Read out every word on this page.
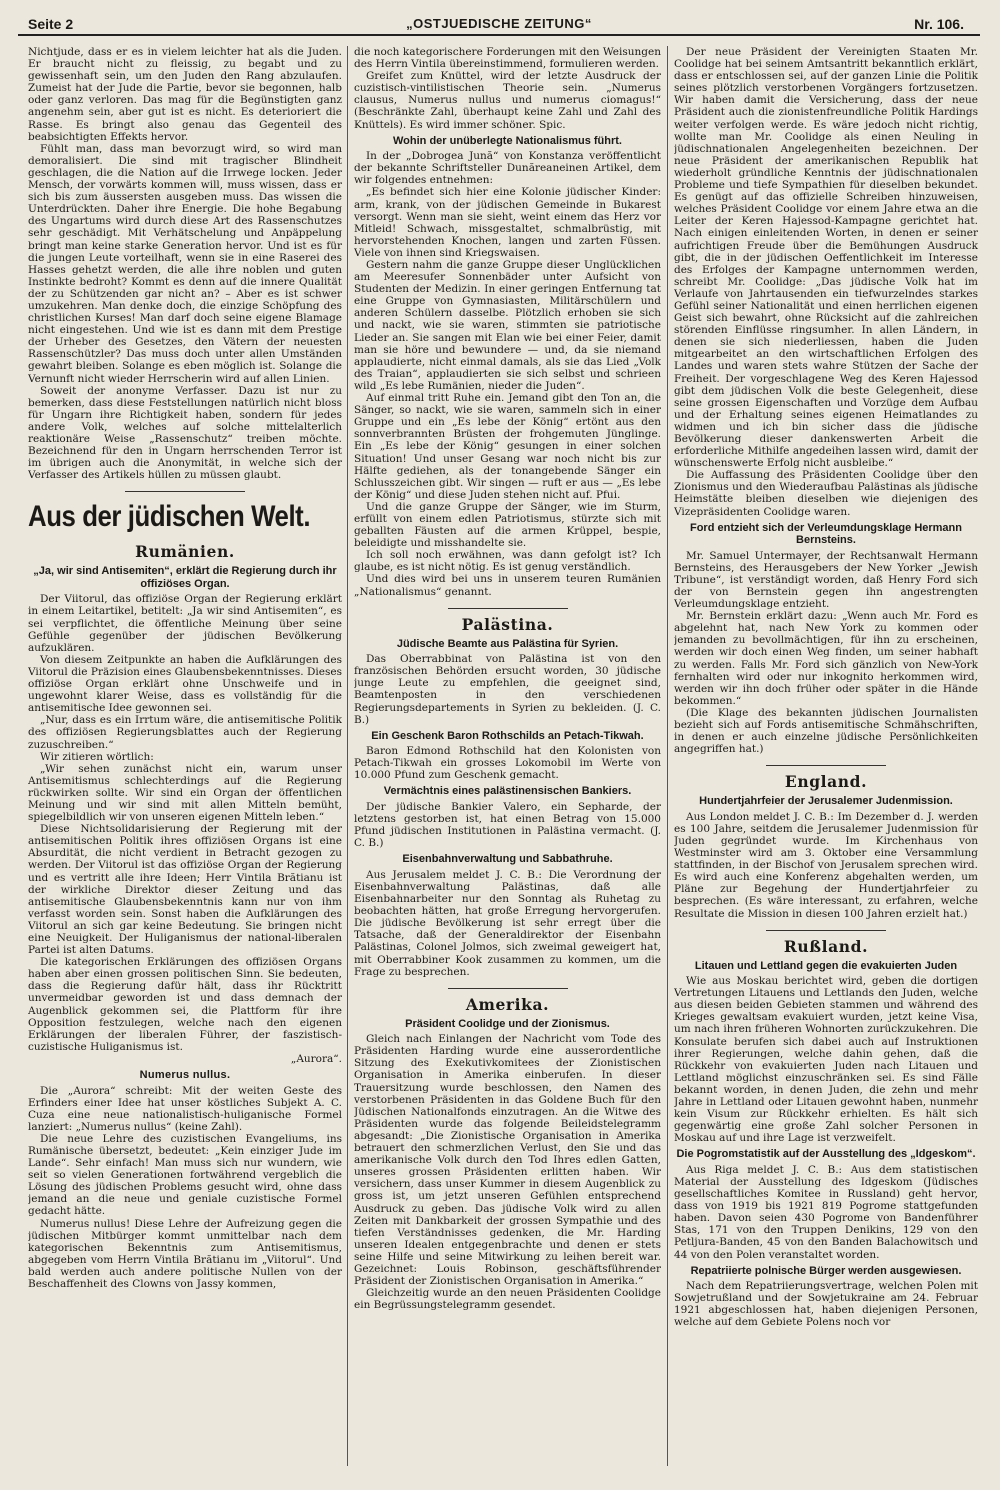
Seite 2	„OSTJUEDISCHE ZEITUNG“	Nr. 106.

Nichtjude, dass er es in vielem leichter hat als die Juden. Er braucht nicht zu fleissig, zu begabt und zu gewissenhaft sein, um den Juden den Rang abzulaufen. Zumeist hat der Jude die Partie, bevor sie begonnen, halb oder ganz verloren. Das mag für die Begünstigten ganz angenehm sein, aber gut ist es nicht. Es deterioriert die Rasse. Es bringt also genau das Gegenteil des beabsichtigten Effekts hervor.

Fühlt man, dass man bevorzugt wird, so wird man demoralisiert. Die sind mit tragischer Blindheit geschlagen, die die Nation auf die Irrwege locken. Jeder Mensch, der vorwärts kommen will, muss wissen, dass er sich bis zum äussersten ausgeben muss. Das wissen die Unterdrückten. Daher ihre Energie. Die hohe Begabung des Ungartums wird durch diese Art des Rassenschutzes sehr geschädigt. Mit Verhätschelung und Anpäppelung bringt man keine starke Generation hervor. Und ist es für die jungen Leute vorteilhaft, wenn sie in eine Raserei des Hasses gehetzt werden, die alle ihre noblen und guten Instinkte bedroht? Kommt es denn auf die innere Qualität der zu Schützenden gar nicht an? – Aber es ist schwer umzukehren. Man denke doch, die einzige Schöpfung des christlichen Kurses! Man darf doch seine eigene Blamage nicht eingestehen. Und wie ist es dann mit dem Prestige der Urheber des Gesetzes, den Vätern der neuesten Rassenschützler? Das muss doch unter allen Umständen gewahrt bleiben. Solange es eben möglich ist. Solange die Vernunft nicht wieder Herrscherin wird auf allen Linien.

Soweit der anonyme Verfasser. Dazu ist nur zu bemerken, dass diese Feststellungen natürlich nicht bloss für Ungarn ihre Richtigkeit haben, sondern für jedes andere Volk, welches auf solche mittelalterlich reaktionäre Weise „Rassenschutz“ treiben möchte. Bezeichnend für den in Ungarn herrschenden Terror ist im übrigen auch die Anonymität, in welche sich der Verfasser des Artikels hüllen zu müssen glaubt.

Aus der jüdischen Welt.
Rumänien.
„Ja, wir sind Antisemiten“, erklärt die Regierung durch ihr offiziöses Organ.

Der Viitorul, das offiziöse Organ der Regierung erklärt in einem Leitartikel, betitelt: „Ja wir sind Antisemiten“, es sei verpflichtet, die öffentliche Meinung über seine Gefühle gegenüber der jüdischen Bevölkerung aufzuklären.

Von diesem Zeitpunkte an haben die Aufklärungen des Viitorul die Präzision eines Glaubensbekenntnisses. Dieses offiziöse Organ erklärt ohne Unschweife und in ungewohnt klarer Weise, dass es vollständig für die antisemitische Idee gewonnen sei.

„Nur, dass es ein Irrtum wäre, die antisemitische Politik des offiziösen Regierungsblattes auch der Regierung zuzuschreiben.“

Wir zitieren wörtlich:

„Wir sehen zunächst nicht ein, warum unser Antisemitismus schlechterdings auf die Regierung rückwirken sollte. Wir sind ein Organ der öffentlichen Meinung und wir sind mit allen Mitteln bemüht, spiegelbildlich wir von unseren eigenen Mitteln leben.“

Diese Nichtsolidarisierung der Regierung mit der antisemitischen Politik ihres offiziösen Organs ist eine Absurdität, die nicht verdient in Betracht gezogen zu werden. Der Viitorul ist das offiziöse Organ der Regierung und es vertritt alle ihre Ideen; Herr Vintila Brătianu ist der wirkliche Direktor dieser Zeitung und das antisemitische Glaubensbekenntnis kann nur von ihm verfasst worden sein. Sonst haben die Aufklärungen des Viitorul an sich gar keine Bedeutung. Sie bringen nicht eine Neuigkeit. Der Huliganismus der national-liberalen Partei ist alten Datums.

Die kategorischen Erklärungen des offiziösen Organs haben aber einen grossen politischen Sinn. Sie bedeuten, dass die Regierung dafür hält, dass ihr Rücktritt unvermeidbar geworden ist und dass demnach der Augenblick gekommen sei, die Plattform für ihre Opposition festzulegen, welche nach den eigenen Erklärungen der liberalen Führer, der faszistisch-cuzistische Huliganismus ist.

„Aurora“.

Numerus nullus.

Die „Aurora“ schreibt: Mit der weiten Geste des Erfinders einer Idee hat unser köstliches Subjekt A. C. Cuza eine neue nationalistisch-huliganische Formel lanziert: „Numerus nullus“ (keine Zahl).

Die neue Lehre des cuzistischen Evangeliums, ins Rumänische übersetzt, bedeutet: „Kein einziger Jude im Lande“. Sehr einfach! Man muss sich nur wundern, wie seit so vielen Generationen fortwährend vergeblich die Lösung des jüdischen Problems gesucht wird, ohne dass jemand an die neue und geniale cuzistische Formel gedacht hätte.

Numerus nullus! Diese Lehre der Aufreizung gegen die jüdischen Mitbürger kommt unmittelbar nach dem kategorischen Bekenntnis zum Antisemitismus, abgegeben vom Herrn Vintila Brătianu im „Viitorul“. Und bald werden auch andere politische Nullen von der Beschaffenheit des Clowns von Jassy kommen,

die noch kategorischere Forderungen mit den Weisungen des Herrn Vintila übereinstimmend, formulieren werden.

Greifet zum Knüttel, wird der letzte Ausdruck der cuzistisch-vintilistischen Theorie sein. „Numerus clausus, Numerus nullus und numerus ciomagus!“ (Beschränkte Zahl, überhaupt keine Zahl und Zahl des Knüttels). Es wird immer schöner. Spic.

Wohin der unüberlegte Nationalismus führt.

In der „Dobrogea Jună“ von Konstanza veröffentlicht der bekannte Schriftsteller Dunăreaneinen Artikel, dem wir folgendes entnehmen:

„Es befindet sich hier eine Kolonie jüdischer Kinder: arm, krank, von der jüdischen Gemeinde in Bukarest versorgt. Wenn man sie sieht, weint einem das Herz vor Mitleid! Schwach, missgestaltet, schmalbrüstig, mit hervorstehenden Knochen, langen und zarten Füssen. Viele von ihnen sind Kriegswaisen.

Gestern nahm die ganze Gruppe dieser Unglücklichen am Meeresufer Sonnenbäder unter Aufsicht von Studenten der Medizin. In einer geringen Entfernung tat eine Gruppe von Gymnasiasten, Militärschülern und anderen Schülern dasselbe. Plötzlich erhoben sie sich und nackt, wie sie waren, stimmten sie patriotische Lieder an. Sie sangen mit Elan wie bei einer Feier, damit man sie höre und bewundere — und, da sie niemand applaudierte, nicht einmal damals, als sie das Lied „Volk des Traian“, applaudierten sie sich selbst und schrieen wild „Es lebe Rumänien, nieder die Juden“.

Auf einmal tritt Ruhe ein. Jemand gibt den Ton an, die Sänger, so nackt, wie sie waren, sammeln sich in einer Gruppe und ein „Es lebe der König“ ertönt aus den sonnverbrannten Brüsten der frohgemuten Jünglinge. Ein „Es lebe der König“ gesungen in einer solchen Situation! Und unser Gesang war noch nicht bis zur Hälfte gediehen, als der tonangebende Sänger ein Schlusszeichen gibt. Wir singen — ruft er aus — „Es lebe der König“ und diese Juden stehen nicht auf. Pfui.

Und die ganze Gruppe der Sänger, wie im Sturm, erfüllt von einem edlen Patriotismus, stürzte sich mit geballten Fäusten auf die armen Krüppel, bespie, beleidigte und misshandelte sie.

Ich soll noch erwähnen, was dann gefolgt ist? Ich glaube, es ist nicht nötig. Es ist genug verständlich.

Und dies wird bei uns in unserem teuren Rumänien „Nationalismus“ genannt.

Palästina.
Jüdische Beamte aus Palästina für Syrien.

Das Oberrabbinat von Palästina ist von den französischen Behörden ersucht worden, 30 jüdische junge Leute zu empfehlen, die geeignet sind, Beamtenposten in den verschiedenen Regierungsdepartements in Syrien zu bekleiden. (J. C. B.)

Ein Geschenk Baron Rothschilds an Petach-Tikwah.

Baron Edmond Rothschild hat den Kolonisten von Petach-Tikwah ein grosses Lokomobil im Werte von 10.000 Pfund zum Geschenk gemacht.

Vermächtnis eines palästinensischen Bankiers.

Der jüdische Bankier Valero, ein Sepharde, der letztens gestorben ist, hat einen Betrag von 15.000 Pfund jüdischen Institutionen in Palästina vermacht. (J. C. B.)

Eisenbahnverwaltung und Sabbathruhe.

Aus Jerusalem meldet J. C. B.: Die Verordnung der Eisenbahnverwaltung Palästinas, daß alle Eisenbahnarbeiter nur den Sonntag als Ruhetag zu beobachten hätten, hat große Erregung hervorgerufen. Die jüdische Bevölkerung ist sehr erregt über die Tatsache, daß der Generaldirektor der Eisenbahn Palästinas, Colonel Jolmos, sich zweimal geweigert hat, mit Oberrabbiner Kook zusammen zu kommen, um die Frage zu besprechen.

Amerika.
Präsident Coolidge und der Zionismus.

Gleich nach Einlangen der Nachricht vom Tode des Präsidenten Harding wurde eine ausserordentliche Sitzung des Exekutivkomitees der Zionistischen Organisation in Amerika einberufen. In dieser Trauersitzung wurde beschlossen, den Namen des verstorbenen Präsidenten in das Goldene Buch für den Jüdischen Nationalfonds einzutragen. An die Witwe des Präsidenten wurde das folgende Beileidstelegramm abgesandt: „Die Zionistische Organisation in Amerika betrauert den schmerzlichen Verlust, den Sie und das amerikanische Volk durch den Tod Ihres edlen Gatten, unseres grossen Präsidenten erlitten haben. Wir versichern, dass unser Kummer in diesem Augenblick zu gross ist, um jetzt unseren Gefühlen entsprechend Ausdruck zu geben. Das jüdische Volk wird zu allen Zeiten mit Dankbarkeit der grossen Sympathie und des tiefen Verständnisses gedenken, die Mr. Harding unseren Idealen entgegenbrachte und denen er stets seine Hilfe und seine Mitwirkung zu leihen bereit war. Gezeichnet: Louis Robinson, geschäftsführender Präsident der Zionistischen Organisation in Amerika.“

Gleichzeitig wurde an den neuen Präsidenten Coolidge ein Begrüssungstelegramm gesendet.

Der neue Präsident der Vereinigten Staaten Mr. Coolidge hat bei seinem Amtsantritt bekanntlich erklärt, dass er entschlossen sei, auf der ganzen Linie die Politik seines plötzlich verstorbenen Vorgängers fortzusetzen. Wir haben damit die Versicherung, dass der neue Präsident auch die zionistenfreundliche Politik Hardings weiter verfolgen werde. Es wäre jedoch nicht richtig, wollte man Mr. Coolidge als einen Neuling in jüdischnationalen Angelegenheiten bezeichnen. Der neue Präsident der amerikanischen Republik hat wiederholt gründliche Kenntnis der jüdischnationalen Probleme und tiefe Sympathien für dieselben bekundet. Es genügt auf das offizielle Schreiben hinzuweisen, welches Präsident Coolidge vor einem Jahre etwa an die Leiter der Keren Hajessod-Kampagne gerichtet hat. Nach einigen einleitenden Worten, in denen er seiner aufrichtigen Freude über die Bemühungen Ausdruck gibt, die in der jüdischen Oeffentlichkeit im Interesse des Erfolges der Kampagne unternommen werden, schreibt Mr. Coolidge: „Das jüdische Volk hat im Verlaufe von Jahrtausenden ein tiefwurzelndes starkes Gefühl seiner Nationalität und einen herrlichen eigenen Geist sich bewahrt, ohne Rücksicht auf die zahlreichen störenden Einflüsse ringsumher. In allen Ländern, in denen sie sich niederliessen, haben die Juden mitgearbeitet an den wirtschaftlichen Erfolgen des Landes und waren stets wahre Stützen der Sache der Freiheit. Der vorgeschlagene Weg des Keren Hajessod gibt dem jüdischen Volk die beste Gelegenheit, diese seine grossen Eigenschaften und Vorzüge dem Aufbau und der Erhaltung seines eigenen Heimatlandes zu widmen und ich bin sicher dass die jüdische Bevölkerung dieser dankenswerten Arbeit die erforderliche Mithilfe angedeihen lassen wird, damit der wünschenswerte Erfolg nicht ausbleibe.“

Die Auffassung des Präsidenten Coolidge über den Zionismus und den Wiederaufbau Palästinas als jüdische Heimstätte bleiben dieselben wie diejenigen des Vizepräsidenten Coolidge waren.

Ford entzieht sich der Verleumdungsklage Hermann Bernsteins.

Mr. Samuel Untermayer, der Rechtsanwalt Hermann Bernsteins, des Herausgebers der New Yorker „Jewish Tribune“, ist verständigt worden, daß Henry Ford sich der von Bernstein gegen ihn angestrengten Verleumdungsklage entzieht.

Mr. Bernstein erklärt dazu: „Wenn auch Mr. Ford es abgelehnt hat, nach New York zu kommen oder jemanden zu bevollmächtigen, für ihn zu erscheinen, werden wir doch einen Weg finden, um seiner habhaft zu werden. Falls Mr. Ford sich gänzlich von New-York fernhalten wird oder nur inkognito herkommen wird, werden wir ihn doch früher oder später in die Hände bekommen.“

(Die Klage des bekannten jüdischen Journalisten bezieht sich auf Fords antisemitische Schmähschriften, in denen er auch einzelne jüdische Persönlichkeiten angegriffen hat.)

England.
Hundertjahrfeier der Jerusalemer Judenmission.

Aus London meldet J. C. B.: Im Dezember d. J. werden es 100 Jahre, seitdem die Jerusalemer Judenmission für Juden gegründet wurde. Im Kirchenhaus von Westminster wird am 3. Oktober eine Versammlung stattfinden, in der Bischof von Jerusalem sprechen wird. Es wird auch eine Konferenz abgehalten werden, um Pläne zur Begehung der Hundertjahrfeier zu besprechen. (Es wäre interessant, zu erfahren, welche Resultate die Mission in diesen 100 Jahren erzielt hat.)

Rußland.
Litauen und Lettland gegen die evakuierten Juden

Wie aus Moskau berichtet wird, geben die dortigen Vertretungen Litauens und Lettlands den Juden, welche aus diesen beiden Gebieten stammen und während des Krieges gewaltsam evakuiert wurden, jetzt keine Visa, um nach ihren früheren Wohnorten zurückzukehren. Die Konsulate berufen sich dabei auch auf Instruktionen ihrer Regierungen, welche dahin gehen, daß die Rückkehr von evakuierten Juden nach Litauen und Lettland möglichst einzuschränken sei. Es sind Fälle bekannt worden, in denen Juden, die zehn und mehr Jahre in Lettland oder Litauen gewohnt haben, nunmehr kein Visum zur Rückkehr erhielten. Es hält sich gegenwärtig eine große Zahl solcher Personen in Moskau auf und ihre Lage ist verzweifelt.

Die Pogromstatistik auf der Ausstellung des „Idgeskom“.

Aus Riga meldet J. C. B.: Aus dem statistischen Material der Ausstellung des Idgeskom (Jüdisches gesellschaftliches Komitee in Russland) geht hervor, dass von 1919 bis 1921 819 Pogrome stattgefunden haben. Davon seien 430 Pogrome von Bandenführer Stas, 171 von den Truppen Denikins, 129 von den Petljura-Banden, 45 von den Banden Balachowitsch und 44 von den Polen veranstaltet worden.

Repatriierte polnische Bürger werden ausgewiesen.

Nach dem Repatriierungsvertrage, welchen Polen mit Sowjetrußland und der Sowjetukraine am 24. Februar 1921 abgeschlossen hat, haben diejenigen Personen, welche auf dem Gebiete Polens noch vor
